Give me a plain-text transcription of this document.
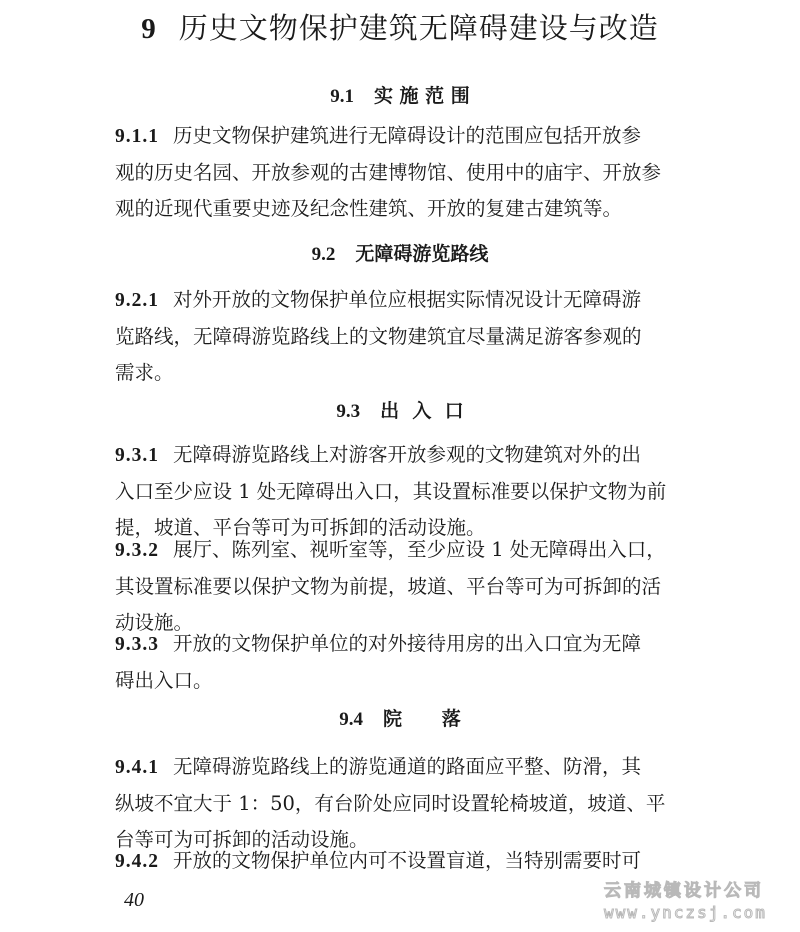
9 历史文物保护建筑无障碍建设与改造
9.1 实 施 范 围
9.1.1 历史文物保护建筑进行无障碍设计的范围应包括开放参
观的历史名园、开放参观的古建博物馆、使用中的庙宇、开放参
观的近现代重要史迹及纪念性建筑、开放的复建古建筑等。
9.2 无障碍游览路线
9.2.1 对外开放的文物保护单位应根据实际情况设计无障碍游
览路线，无障碍游览路线上的文物建筑宜尽量满足游客参观的
需求。
9.3 出  入  口
9.3.1 无障碍游览路线上对游客开放参观的文物建筑对外的出
入口至少应设 1 处无障碍出入口，其设置标准要以保护文物为前
提，坡道、平台等可为可拆卸的活动设施。
9.3.2 展厅、陈列室、视听室等，至少应设 1 处无障碍出入口，
其设置标准要以保护文物为前提，坡道、平台等可为可拆卸的活
动设施。
9.3.3 开放的文物保护单位的对外接待用房的出入口宜为无障
碍出入口。
9.4 院      落
9.4.1 无障碍游览路线上的游览通道的路面应平整、防滑，其
纵坡不宜大于 1：50，有台阶处应同时设置轮椅坡道，坡道、平
台等可为可拆卸的活动设施。
9.4.2 开放的文物保护单位内可不设置盲道，当特别需要时可
40	云南城镇设计公司
www.ynczsj.com
